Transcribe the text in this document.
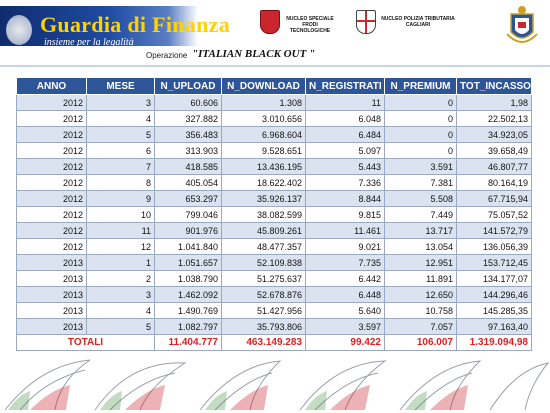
Guardia di Finanza
insieme per la legalità
NUCLEO SPECIALE
FRODI TECNOLOGICHE
NUCLEO POLIZIA TRIBUTARIA
CAGLIARI
Operazione "ITALIAN BLACK OUT "
ANNO	MESE	N_UPLOAD	N_DOWNLOAD	N_REGISTRATI	N_PREMIUM	TOT_INCASSO
2012	3	60.606	1.308	11	0	1,98
2012	4	327.882	3.010.656	6.048	0	22.502,13
2012	5	356.483	6.968.604	6.484	0	34.923,05
2012	6	313.903	9.528.651	5.097	0	39.658,49
2012	7	418.585	13.436.195	5.443	3.591	46.807,77
2012	8	405.054	18.622.402	7.336	7.381	80.164,19
2012	9	653.297	35.926.137	8.844	5.508	67.715,94
2012	10	799.046	38.082.599	9.815	7.449	75.057,52
2012	11	901.976	45.809.261	11.461	13.717	141.572,79
2012	12	1.041.840	48.477.357	9.021	13.054	136.056,39
2013	1	1.051.657	52.109.838	7.735	12.951	153.712,45
2013	2	1.038.790	51.275.637	6.442	11.891	134.177,07
2013	3	1.462.092	52.678.876	6.448	12.650	144.296,46
2013	4	1.490.769	51.427.956	5.640	10.758	145.285,35
2013	5	1.082.797	35.793.806	3.597	7.057	97.163,40
TOTALI		11.404.777	463.149.283	99.422	106.007	1.319.094,98
